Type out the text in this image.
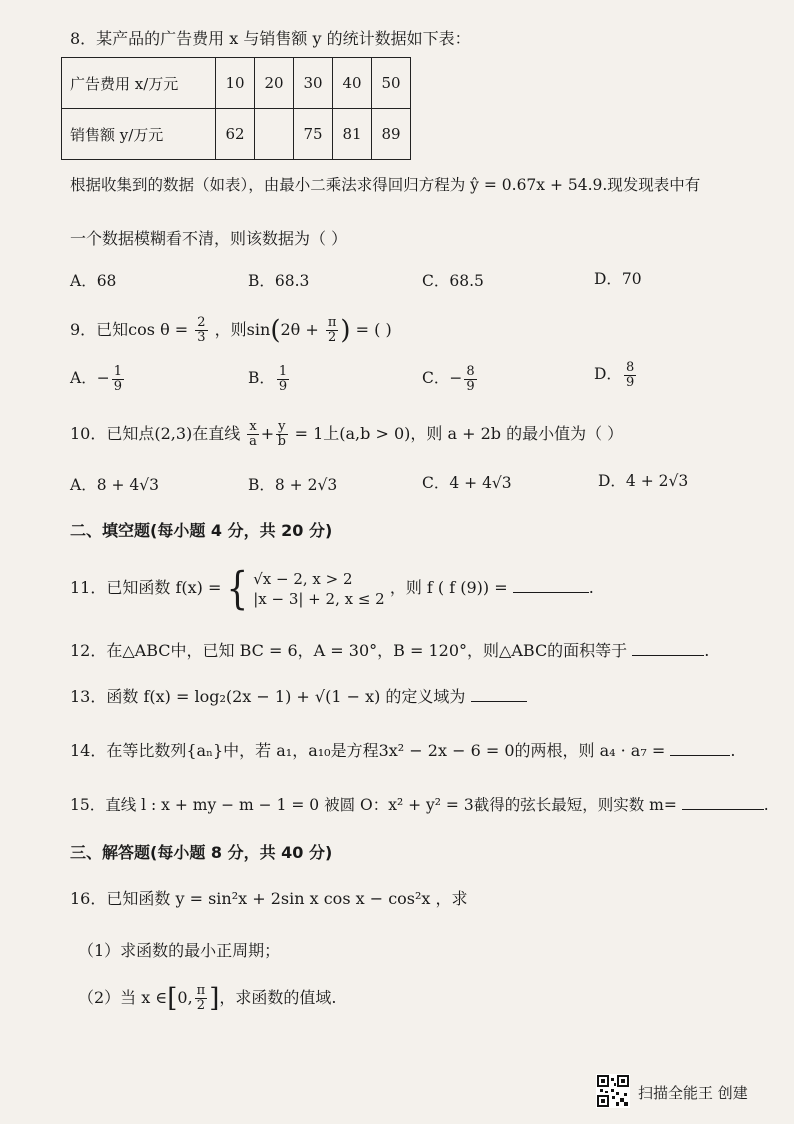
8．某产品的广告费用 x 与销售额 y 的统计数据如下表：
广告费用 x/万元	10	20	30	40	50
销售额 y/万元	62		75	81	89
根据收集到的数据（如表），由最小二乘法求得回归方程为 ŷ = 0.67x + 54.9.现发现表中有
一个数据模糊看不清，则该数据为（ ）
A．68	B．68.3	C．68.5	D．70
9．已知$\cos \theta = \frac{2}{3}$ ，则$\sin(2\theta + \frac{\pi}{2}$ ) = ( )
A．− $\frac{1}{9}$	B． $\frac{1}{9}$	C．− $\frac{8}{9}$	D． $\frac{8}{9}$
10．已知点(2,3)在直线 $\frac{x}{a} + \frac{y}{b} = 1$上(a,b > 0)，则 a + 2b 的最小值为（ ）
A．8 + 4√3	B．8 + 2√3	C．4 + 4√3	D．4 + 2√3
二、填空题(每小题 4 分，共 20 分)
11．已知函数 f(x) = { √x − 2, x > 2
|x − 3| + 2, x ≤ 2
，则 f ( f (9)) =	.
12．在△ABC中，已知 BC = 6，A = 30°，B = 120°，则△ABC的面积等于	.
13．函数 f(x) = log₂(2x − 1) + √(1 − x) 的定义域为
14．在等比数列{aₙ}中，若 a₁，a₁₀是方程3x² − 2x − 6 = 0的两根，则 a₄ · a₇ =	.
15．直线 l : x + my − m − 1 = 0 被圆 O：x² + y² = 3截得的弦长最短，则实数 m=	.
三、解答题(每小题 8 分，共 40 分)
16．已知函数 y = sin²x + 2sin x cos x − cos²x ，求
（1）求函数的最小正周期；
（2）当 x ∈[0, $\frac{\pi}{2}$ ]，求函数的值域.
扫描全能王 创建
